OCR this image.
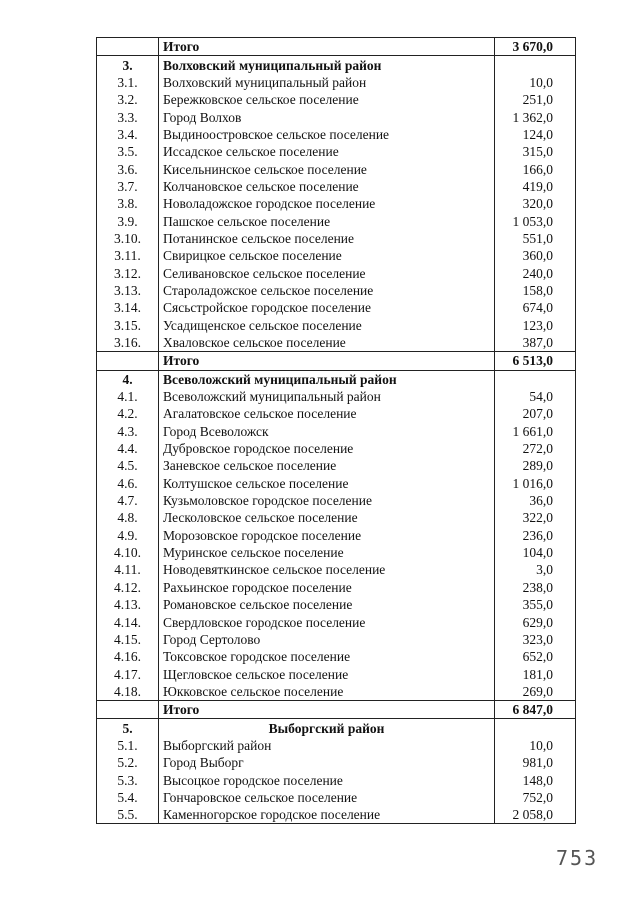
	Итого	3 670,0
3.	Волховский муниципальный район	
3.1.	Волховский муниципальный район	10,0
3.2.	Бережковское сельское поселение	251,0
3.3.	Город Волхов	1 362,0
3.4.	Выдиноостровское сельское поселение	124,0
3.5.	Иссадское сельское поселение	315,0
3.6.	Кисельнинское сельское поселение	166,0
3.7.	Колчановское сельское поселение	419,0
3.8.	Новоладожское городское поселение	320,0
3.9.	Пашское сельское поселение	1 053,0
3.10.	Потанинское сельское поселение	551,0
3.11.	Свирицкое сельское поселение	360,0
3.12.	Селивановское сельское поселение	240,0
3.13.	Староладожское сельское поселение	158,0
3.14.	Сясьстройское городское поселение	674,0
3.15.	Усадищенское сельское поселение	123,0
3.16.	Хваловское сельское поселение	387,0
	Итого	6 513,0
4.	Всеволожский муниципальный район	
4.1.	Всеволожский муниципальный район	54,0
4.2.	Агалатовское сельское поселение	207,0
4.3.	Город Всеволожск	1 661,0
4.4.	Дубровское городское поселение	272,0
4.5.	Заневское сельское поселение	289,0
4.6.	Колтушское сельское поселение	1 016,0
4.7.	Кузьмоловское городское поселение	36,0
4.8.	Лесколовское сельское поселение	322,0
4.9.	Морозовское городское поселение	236,0
4.10.	Муринское сельское поселение	104,0
4.11.	Новодевяткинское сельское поселение	3,0
4.12.	Рахьинское городское поселение	238,0
4.13.	Романовское сельское поселение	355,0
4.14.	Свердловское городское поселение	629,0
4.15.	Город Сертолово	323,0
4.16.	Токсовское городское поселение	652,0
4.17.	Щегловское сельское поселение	181,0
4.18.	Юкковское сельское поселение	269,0
	Итого	6 847,0
5.	Выборгский район	
5.1.	Выборгский район	10,0
5.2.	Город Выборг	981,0
5.3.	Высоцкое городское поселение	148,0
5.4.	Гончаровское сельское поселение	752,0
5.5.	Каменногорское городское поселение	2 058,0
753
